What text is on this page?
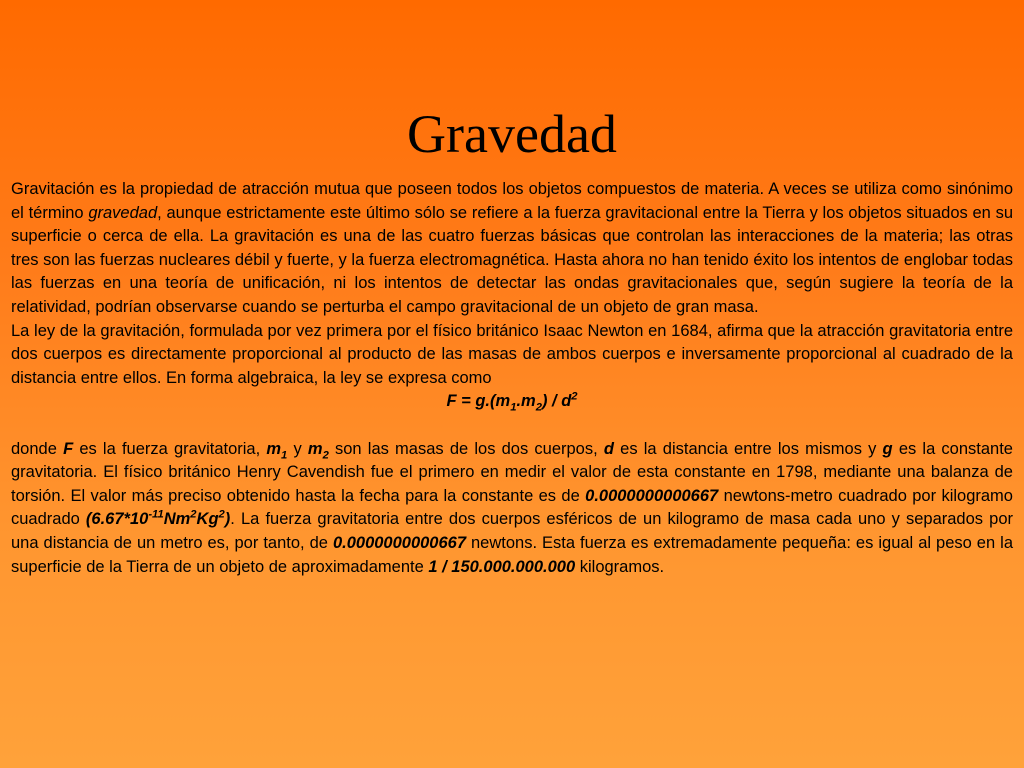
Gravedad

Gravitación es la propiedad de atracción mutua que poseen todos los objetos compuestos de materia. A veces se utiliza como sinónimo el término gravedad, aunque estrictamente este último sólo se refiere a la fuerza gravitacional entre la Tierra y los objetos situados en su superficie o cerca de ella. La gravitación es una de las cuatro fuerzas básicas que controlan las interacciones de la materia; las otras tres son las fuerzas nucleares débil y fuerte, y la fuerza electromagnética. Hasta ahora no han tenido éxito los intentos de englobar todas las fuerzas en una teoría de unificación, ni los intentos de detectar las ondas gravitacionales que, según sugiere la teoría de la relatividad, podrían observarse cuando se perturba el campo gravitacional de un objeto de gran masa.

La ley de la gravitación, formulada por vez primera por el físico británico Isaac Newton en 1684, afirma que la atracción gravitatoria entre dos cuerpos es directamente proporcional al producto de las masas de ambos cuerpos e inversamente proporcional al cuadrado de la distancia entre ellos. En forma algebraica, la ley se expresa como

$F = g.(m_1.m_2) / d^2$

donde F es la fuerza gravitatoria, $m_1$ y $m_2$ son las masas de los dos cuerpos, d es la distancia entre los mismos y g es la constante gravitatoria. El físico británico Henry Cavendish fue el primero en medir el valor de esta constante en 1798, mediante una balanza de torsión. El valor más preciso obtenido hasta la fecha para la constante es de 0.0000000000667 newtons-metro cuadrado por kilogramo cuadrado $(6.67*10^{-11}Nm^2Kg^2)$. La fuerza gravitatoria entre dos cuerpos esféricos de un kilogramo de masa cada uno y separados por una distancia de un metro es, por tanto, de 0.0000000000667 newtons. Esta fuerza es extremadamente pequeña: es igual al peso en la superficie de la Tierra de un objeto de aproximadamente 1 / 150.000.000.000 kilogramos.
